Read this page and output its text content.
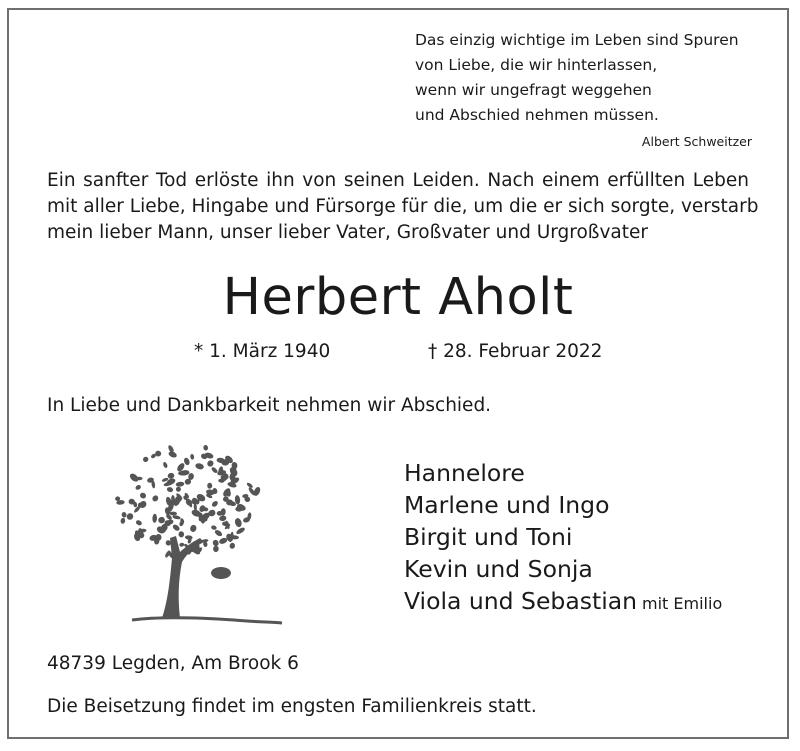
Das einzig wichtige im Leben sind Spuren
von Liebe, die wir hinterlassen,
wenn wir ungefragt weggehen
und Abschied nehmen müssen.
Albert Schweitzer
Ein sanfter Tod erlöste ihn von seinen Leiden. Nach einem erfüllten Leben
mit aller Liebe, Hingabe und Fürsorge für die, um die er sich sorgte, verstarb
mein lieber Mann, unser lieber Vater, Großvater und Urgroßvater
Herbert Aholt
* 1. März 1940	† 28. Februar 2022
In Liebe und Dankbarkeit nehmen wir Abschied.
Hannelore
Marlene und Ingo
Birgit und Toni
Kevin und Sonja
Viola und Sebastian mit Emilio
48739 Legden, Am Brook 6
Die Beisetzung findet im engsten Familienkreis statt.
